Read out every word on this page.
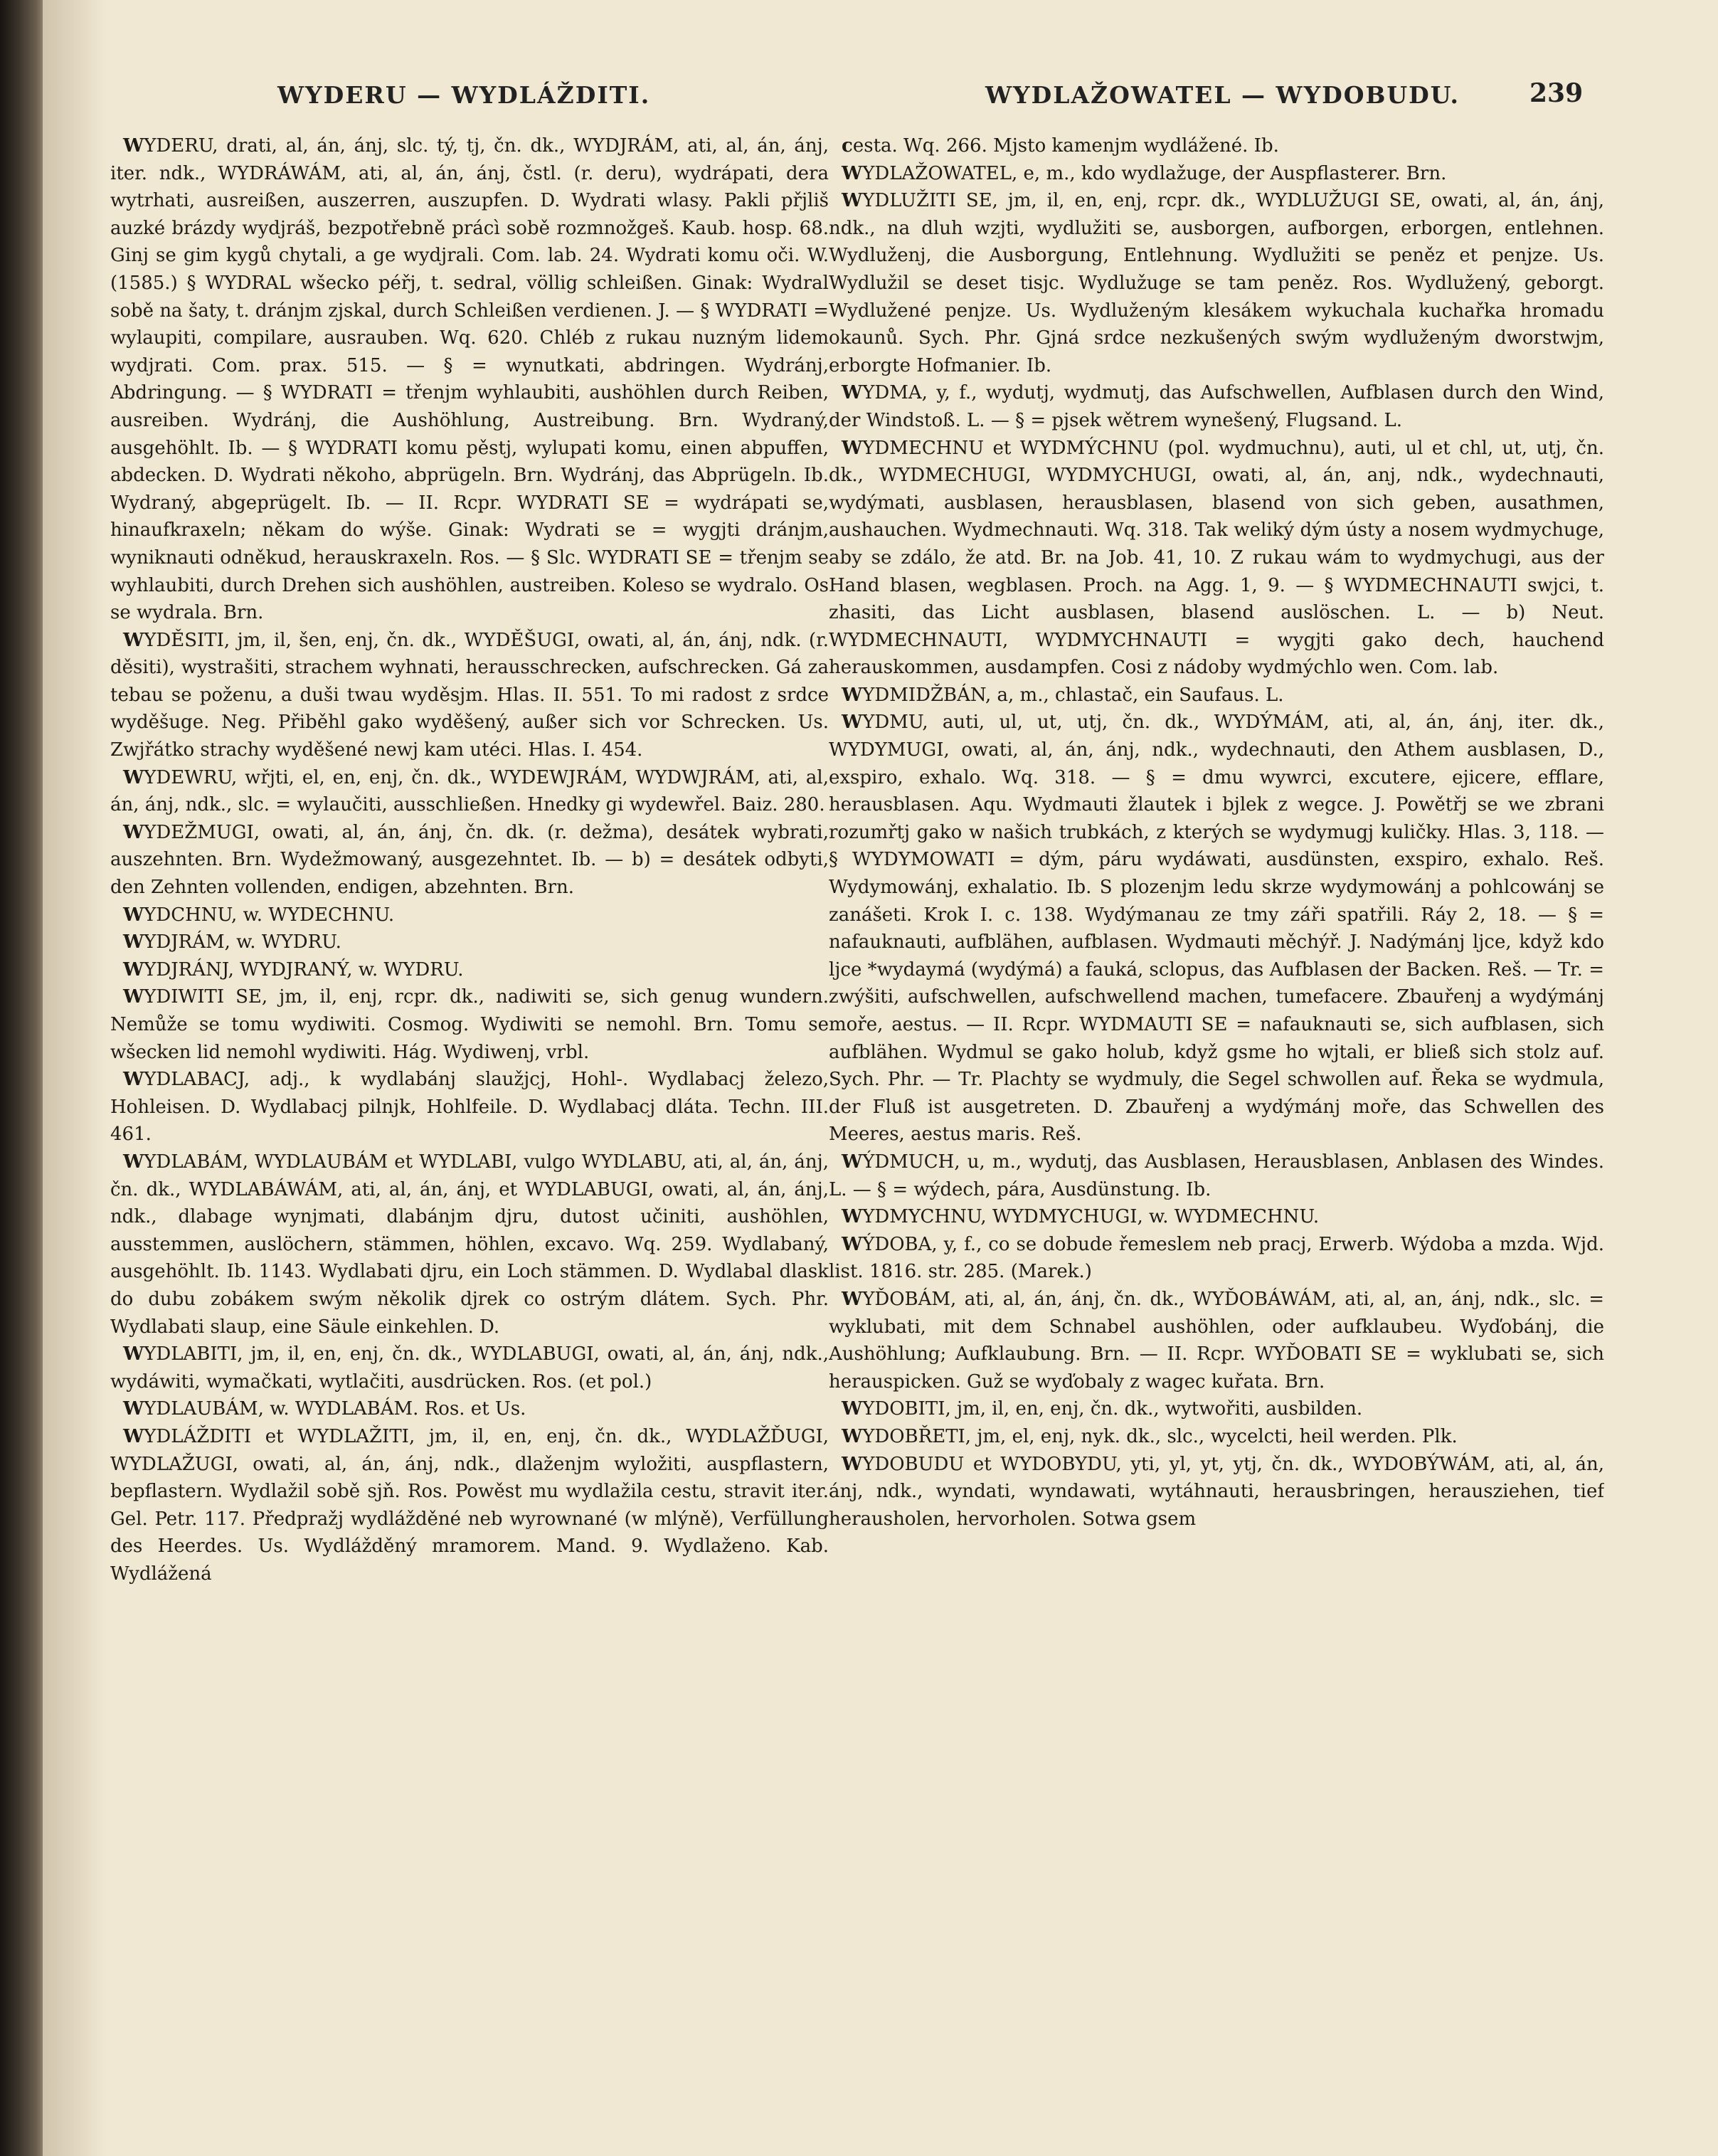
WYDERU — WYDLÁŽDITI.	WYDLAŽOWATEL — WYDOBUDU.	239

WYDERU, drati, al, án, ánj, slc. tý, tj, čn. dk., WYDJRÁM, ati, al, án, ánj, iter. ndk., WYDRÁWÁM, ati, al, án, ánj, čstl. (r. deru), wydrápati, dera wytrhati, ausreißen, auszerren, auszupfen. D. Wydrati wlasy. Pakli přjliš auzké brázdy wydjráš, bezpotřebně prácì sobě rozmnožgeš. Kaub. hosp. 68. Ginj se gim kygů chytali, a ge wydjrali. Com. lab. 24. Wydrati komu oči. W. (1585.) § WYDRAL wšecko péřj, t. sedral, völlig schleißen. Ginak: Wydral sobě na šaty, t. dránjm zjskal, durch Schleißen verdienen. J. — § WYDRATI = wylaupiti, compilare, ausrauben. Wq. 620. Chléb z rukau nuzným lidem wydjrati. Com. prax. 515. — § = wynutkati, abdringen. Wydránj, Abdringung. — § WYDRATI = třenjm wyhlaubiti, aushöhlen durch Reiben, ausreiben. Wydránj, die Aushöhlung, Austreibung. Brn. Wydraný, ausgehöhlt. Ib. — § WYDRATI komu pěstj, wylupati komu, einen abpuffen, abdecken. D. Wydrati někoho, abprügeln. Brn. Wydránj, das Abprügeln. Ib. Wydraný, abgeprügelt. Ib. — II. Rcpr. WYDRATI SE = wydrápati se, hinaufkraxeln; někam do wýše. Ginak: Wydrati se = wygjti dránjm, wyniknauti odněkud, herauskraxeln. Ros. — § Slc. WYDRATI SE = třenjm se wyhlaubiti, durch Drehen sich aushöhlen, austreiben. Koleso se wydralo. Os se wydrala. Brn.

WYDĚSITI, jm, il, šen, enj, čn. dk., WYDĚŠUGI, owati, al, án, ánj, ndk. (r. děsiti), wystrašiti, strachem wyhnati, herausschrecken, aufschrecken. Gá za tebau se poženu, a duši twau wyděsjm. Hlas. II. 551. To mi radost z srdce wyděšuge. Neg. Přiběhl gako wyděšený, außer sich vor Schrecken. Us. Zwjřátko strachy wyděšené newj kam utéci. Hlas. I. 454.

WYDEWRU, wřjti, el, en, enj, čn. dk., WYDEWJRÁM, WYDWJRÁM, ati, al, án, ánj, ndk., slc. = wylaučiti, ausschließen. Hnedky gi wydewřel. Baiz. 280.

WYDEŽMUGI, owati, al, án, ánj, čn. dk. (r. dežma), desátek wybrati, auszehnten. Brn. Wydežmowaný, ausgezehntet. Ib. — b) = desátek odbyti, den Zehnten vollenden, endigen, abzehnten. Brn.

WYDCHNU, w. WYDECHNU.

WYDJRÁM, w. WYDRU.

WYDJRÁNJ, WYDJRANÝ, w. WYDRU.

WYDIWITI SE, jm, il, enj, rcpr. dk., nadiwiti se, sich genug wundern. Nemůže se tomu wydiwiti. Cosmog. Wydiwiti se nemohl. Brn. Tomu se wšecken lid nemohl wydiwiti. Hág. Wydiwenj, vrbl.

WYDLABACJ, adj., k wydlabánj slaužjcj, Hohl-. Wydlabacj železo, Hohleisen. D. Wydlabacj pilnjk, Hohlfeile. D. Wydlabacj dláta. Techn. III. 461.

WYDLABÁM, WYDLAUBÁM et WYDLABI, vulgo WYDLABU, ati, al, án, ánj, čn. dk., WYDLABÁWÁM, ati, al, án, ánj, et WYDLABUGI, owati, al, án, ánj, ndk., dlabage wynjmati, dlabánjm djru, dutost učiniti, aushöhlen, ausstemmen, auslöchern, stämmen, höhlen, excavo. Wq. 259. Wydlabaný, ausgehöhlt. Ib. 1143. Wydlabati djru, ein Loch stämmen. D. Wydlabal dlask do dubu zobákem swým několik djrek co ostrým dlátem. Sych. Phr. Wydlabati slaup, eine Säule einkehlen. D.

WYDLABITI, jm, il, en, enj, čn. dk., WYDLABUGI, owati, al, án, ánj, ndk., wydáwiti, wymačkati, wytlačiti, ausdrücken. Ros. (et pol.)

WYDLAUBÁM, w. WYDLABÁM. Ros. et Us.

WYDLÁŽDITI et WYDLAŽITI, jm, il, en, enj, čn. dk., WYDLAŽĎUGI, WYDLAŽUGI, owati, al, án, ánj, ndk., dlaženjm wyložiti, auspflastern, bepflastern. Wydlažil sobě sjň. Ros. Powěst mu wydlažila cestu, stravit iter. Gel. Petr. 117. Předpražj wydlážděné neb wyrownané (w mlýně), Verfüllung des Heerdes. Us. Wydlážděný mramorem. Mand. 9. Wydlaženo. Kab. Wydlážená

cesta. Wq. 266. Mjsto kamenjm wydlážené. Ib.

WYDLAŽOWATEL, e, m., kdo wydlažuge, der Auspflasterer. Brn.

WYDLUŽITI SE, jm, il, en, enj, rcpr. dk., WYDLUŽUGI SE, owati, al, án, ánj, ndk., na dluh wzjti, wydlužiti se, ausborgen, aufborgen, erborgen, entlehnen. Wydluženj, die Ausborgung, Entlehnung. Wydlužiti se peněz et penjze. Us. Wydlužil se deset tisjc. Wydlužuge se tam peněz. Ros. Wydlužený, geborgt. Wydlužené penjze. Us. Wydluženým klesákem wykuchala kuchařka hromadu okaunů. Sych. Phr. Gjná srdce nezkušených swým wydluženým dworstwjm, erborgte Hofmanier. Ib.

WYDMA, y, f., wydutj, wydmutj, das Aufschwellen, Aufblasen durch den Wind, der Windstoß. L. — § = pjsek wětrem wynešený, Flugsand. L.

WYDMECHNU et WYDMÝCHNU (pol. wydmuchnu), auti, ul et chl, ut, utj, čn. dk., WYDMECHUGI, WYDMYCHUGI, owati, al, án, anj, ndk., wydechnauti, wydýmati, ausblasen, herausblasen, blasend von sich geben, ausathmen, aushauchen. Wydmechnauti. Wq. 318. Tak weliký dým ústy a nosem wydmychuge, aby se zdálo, že atd. Br. na Job. 41, 10. Z rukau wám to wydmychugi, aus der Hand blasen, wegblasen. Proch. na Agg. 1, 9. — § WYDMECHNAUTI swjci, t. zhasiti, das Licht ausblasen, blasend auslöschen. L. — b) Neut. WYDMECHNAUTI, WYDMYCHNAUTI = wygjti gako dech, hauchend herauskommen, ausdampfen. Cosi z nádoby wydmýchlo wen. Com. lab.

WYDMIDŽBÁN, a, m., chlastač, ein Saufaus. L.

WYDMU, auti, ul, ut, utj, čn. dk., WYDÝMÁM, ati, al, án, ánj, iter. dk., WYDYMUGI, owati, al, án, ánj, ndk., wydechnauti, den Athem ausblasen, D., exspiro, exhalo. Wq. 318. — § = dmu wywrci, excutere, ejicere, efflare, herausblasen. Aqu. Wydmauti žlautek i bjlek z wegce. J. Powětřj se we zbrani rozumřtj gako w našich trubkách, z kterých se wydymugj kuličky. Hlas. 3, 118. — § WYDYMOWATI = dým, páru wydáwati, ausdünsten, exspiro, exhalo. Reš. Wydymowánj, exhalatio. Ib. S plozenjm ledu skrze wydymowánj a pohlcowánj se zanášeti. Krok I. c. 138. Wydýmanau ze tmy záři spatřili. Ráy 2, 18. — § = nafauknauti, aufblähen, aufblasen. Wydmauti měchýř. J. Nadýmánj ljce, když kdo ljce *wydaymá (wydýmá) a fauká, sclopus, das Aufblasen der Backen. Reš. — Tr. = zwýšiti, aufschwellen, aufschwellend machen, tumefacere. Zbauřenj a wydýmánj moře, aestus. — II. Rcpr. WYDMAUTI SE = nafauknauti se, sich aufblasen, sich aufblähen. Wydmul se gako holub, když gsme ho wjtali, er bließ sich stolz auf. Sych. Phr. — Tr. Plachty se wydmuly, die Segel schwollen auf. Řeka se wydmula, der Fluß ist ausgetreten. D. Zbauřenj a wydýmánj moře, das Schwellen des Meeres, aestus maris. Reš.

WÝDMUCH, u, m., wydutj, das Ausblasen, Herausblasen, Anblasen des Windes. L. — § = wýdech, pára, Ausdünstung. Ib.

WYDMYCHNU, WYDMYCHUGI, w. WYDMECHNU.

WÝDOBA, y, f., co se dobude řemeslem neb pracj, Erwerb. Wýdoba a mzda. Wjd. list. 1816. str. 285. (Marek.)

WYĎOBÁM, ati, al, án, ánj, čn. dk., WYĎOBÁWÁM, ati, al, an, ánj, ndk., slc. = wyklubati, mit dem Schnabel aushöhlen, oder aufklaubeu. Wyďobánj, die Aushöhlung; Aufklaubung. Brn. — II. Rcpr. WYĎOBATI SE = wyklubati se, sich herauspicken. Guž se wyďobaly z wagec kuřata. Brn.

WYDOBITI, jm, il, en, enj, čn. dk., wytwořiti, ausbilden.

WYDOBŘETI, jm, el, enj, nyk. dk., slc., wycelcti, heil werden. Plk.

WYDOBUDU et WYDOBYDU, yti, yl, yt, ytj, čn. dk., WYDOBÝWÁM, ati, al, án, ánj, ndk., wyndati, wyndawati, wytáhnauti, herausbringen, herausziehen, tief herausholen, hervorholen. Sotwa gsem
